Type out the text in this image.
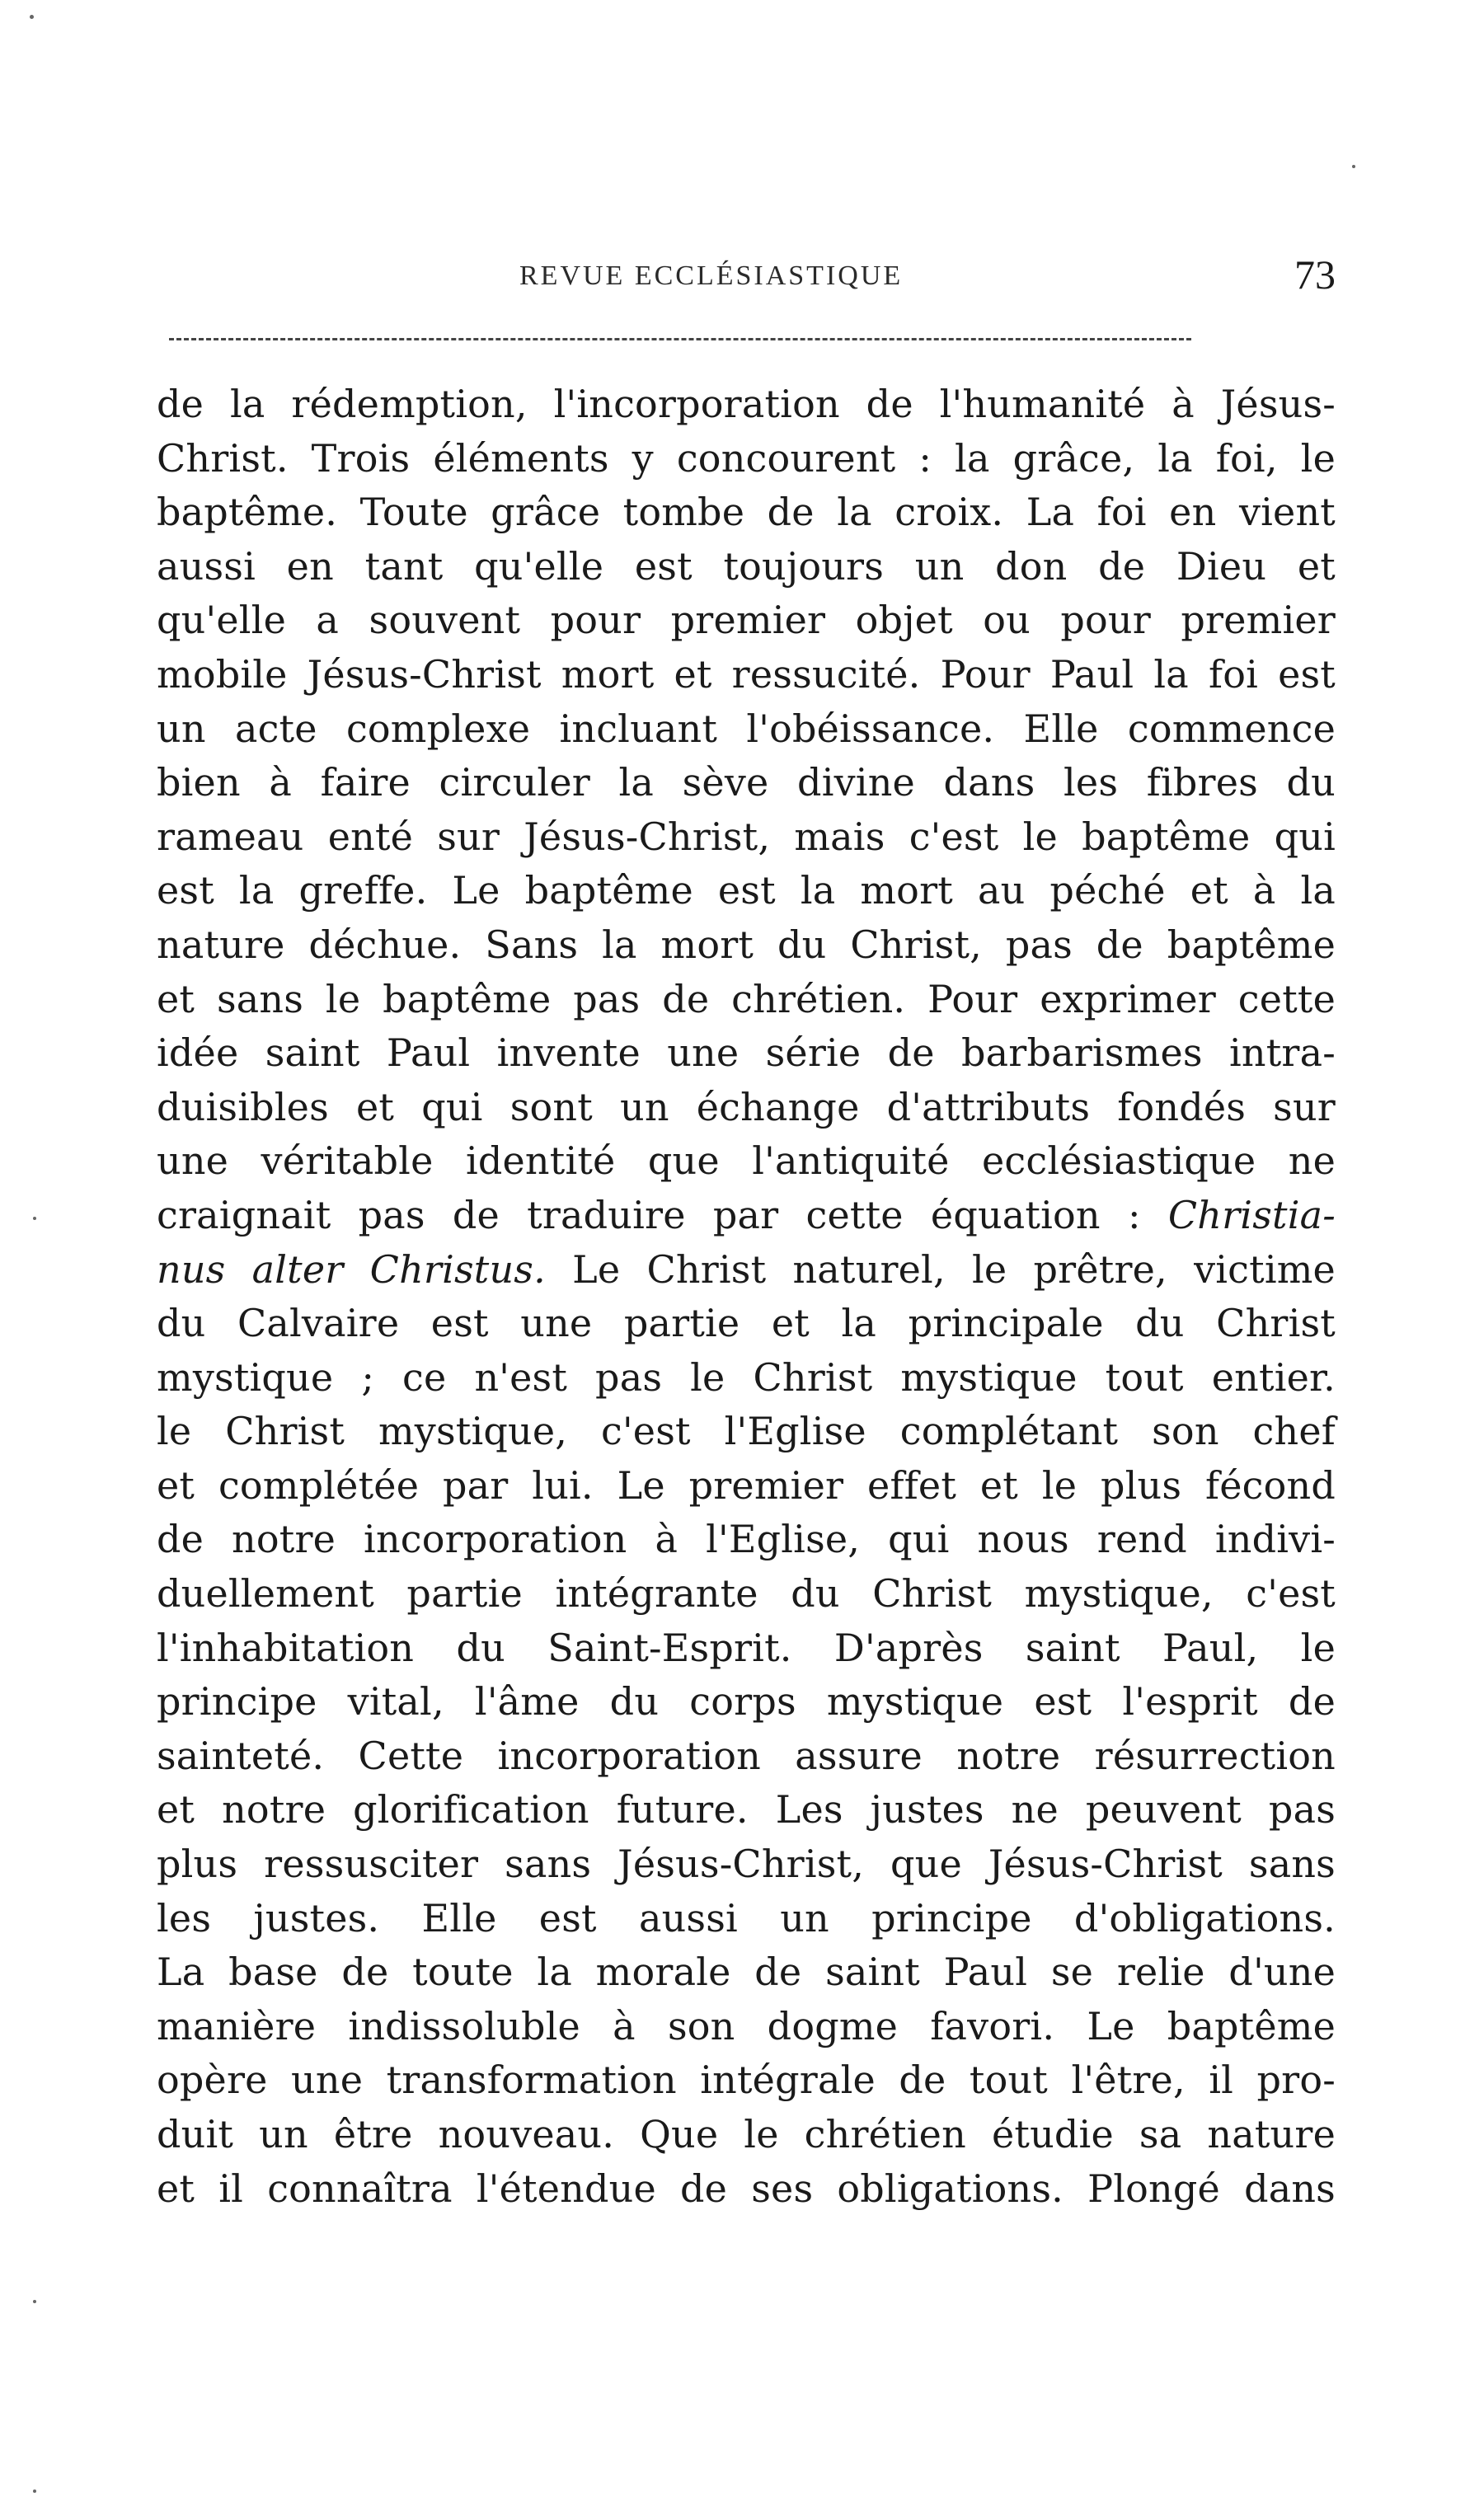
REVUE ECCLÉSIASTIQUE	73
de la rédemption, l'incorporation de l'humanité à Jésus-
Christ. Trois éléments y concourent : la grâce, la foi, le
baptême. Toute grâce tombe de la croix. La foi en vient
aussi en tant qu'elle est toujours un don de Dieu et
qu'elle a souvent pour premier objet ou pour premier
mobile Jésus-Christ mort et ressucité. Pour Paul la foi est
un acte complexe incluant l'obéissance. Elle commence
bien à faire circuler la sève divine dans les fibres du
rameau enté sur Jésus-Christ, mais c'est le baptême qui
est la greffe. Le baptême est la mort au péché et à la
nature déchue. Sans la mort du Christ, pas de baptême
et sans le baptême pas de chrétien. Pour exprimer cette
idée saint Paul invente une série de barbarismes intra-
duisibles et qui sont un échange d'attributs fondés sur
une véritable identité que l'antiquité ecclésiastique ne
craignait pas de traduire par cette équation : Christia-
nus alter Christus. Le Christ naturel, le prêtre, victime
du Calvaire est une partie et la principale du Christ
mystique ; ce n'est pas le Christ mystique tout entier.
le Christ mystique, c'est l'Eglise complétant son chef
et complétée par lui. Le premier effet et le plus fécond
de notre incorporation à l'Eglise, qui nous rend indivi-
duellement partie intégrante du Christ mystique, c'est
l'inhabitation du Saint-Esprit. D'après saint Paul, le
principe vital, l'âme du corps mystique est l'esprit de
sainteté. Cette incorporation assure notre résurrection
et notre glorification future. Les justes ne peuvent pas
plus ressusciter sans Jésus-Christ, que Jésus-Christ sans
les justes. Elle est aussi un principe d'obligations.
La base de toute la morale de saint Paul se relie d'une
manière indissoluble à son dogme favori. Le baptême
opère une transformation intégrale de tout l'être, il pro-
duit un être nouveau. Que le chrétien étudie sa nature
et il connaîtra l'étendue de ses obligations. Plongé dans
